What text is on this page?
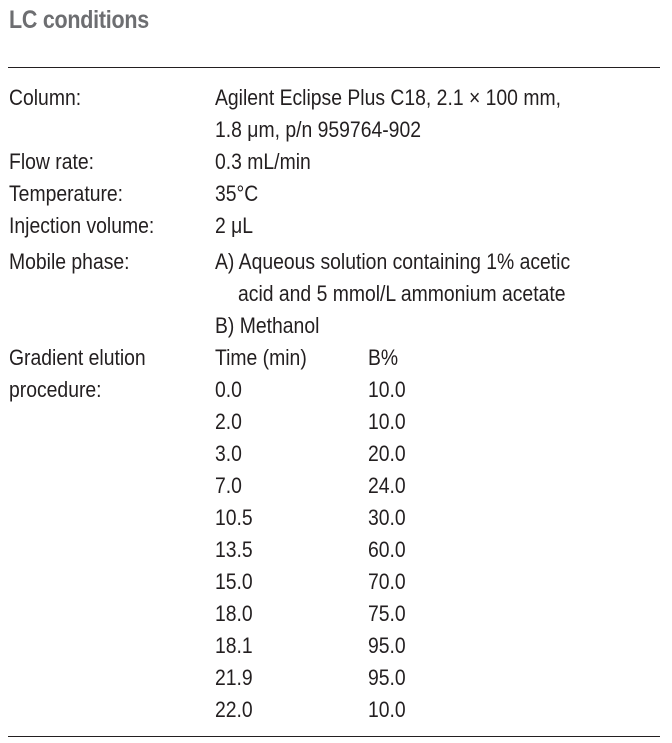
LC conditions
Column:	Agilent Eclipse Plus C18, 2.1 × 100 mm,
1.8 μm, p/n 959764-902
Flow rate:	0.3 mL/min
Temperature:	35°C
Injection volume:	2 μL
Mobile phase:	A) Aqueous solution containing 1% acetic
acid and 5 mmol/L ammonium acetate
B) Methanol
Gradient elution
procedure:
Time (min)	B%
0.0	10.0
2.0	10.0
3.0	20.0
7.0	24.0
10.5	30.0
13.5	60.0
15.0	70.0
18.0	75.0
18.1	95.0
21.9	95.0
22.0	10.0
